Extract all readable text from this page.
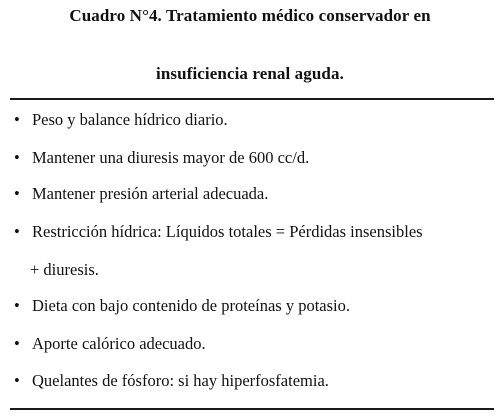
Cuadro N°4. Tratamiento médico conservador en
insuficiencia renal aguda.
• Peso y balance hídrico diario.
• Mantener una diuresis mayor de 600 cc/d.
• Mantener presión arterial adecuada.
• Restricción hídrica: Líquidos totales = Pérdidas insensibles
+ diuresis.
• Dieta con bajo contenido de proteínas y potasio.
• Aporte calórico adecuado.
• Quelantes de fósforo: si hay hiperfosfatemia.
